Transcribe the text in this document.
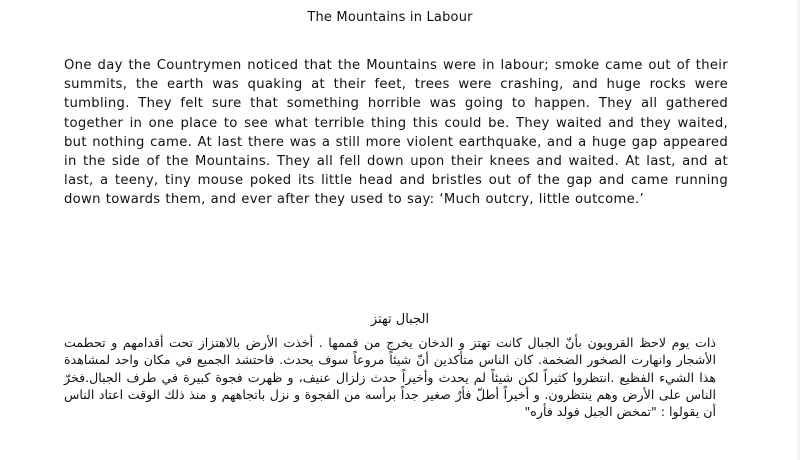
The Mountains in Labour

One day the Countrymen noticed that the Mountains were in labour; smoke came out of their summits, the earth was quaking at their feet, trees were crashing, and huge rocks were tumbling. They felt sure that something horrible was going to happen. They all gathered together in one place to see what terrible thing this could be. They waited and they waited, but nothing came. At last there was a still more violent earthquake, and a huge gap appeared in the side of the Mountains. They all fell down upon their knees and waited. At last, and at last, a teeny, tiny mouse poked its little head and bristles out of the gap and came running down towards them, and ever after they used to say: ‘Much outcry, little outcome.’

الجبال تهتز

ذات يوم لاحظ القرويون بأنّ الجبال كانت تهتز و الدخان يخرج من قممها . أخذت الأرض بالاهتزاز تحت أقدامهم و تحطمت الأشجار وانهارت الصخور الضخمة. كان الناس متأكدين أنّ شيئاً مروعاً سوف يحدث. فاحتشد الجميع في مكان واحد لمشاهدة هذا الشيء الفظيع .انتظروا كثيراً لكن شيئاً لم يحدث وأخيراً حدث زلزال عنيف، و ظهرت فجوة كبيرة في طرف الجبال.فخرّ الناس على الأرض وهم ينتظرون. و أخيراً أطلّ فأرٌ صغير جداً برأسه من الفجوة و نزل باتجاههم و منذ ذلك الوقت اعتاد الناس أن يقولوا : "تمخض الجبل فولد فأره"
